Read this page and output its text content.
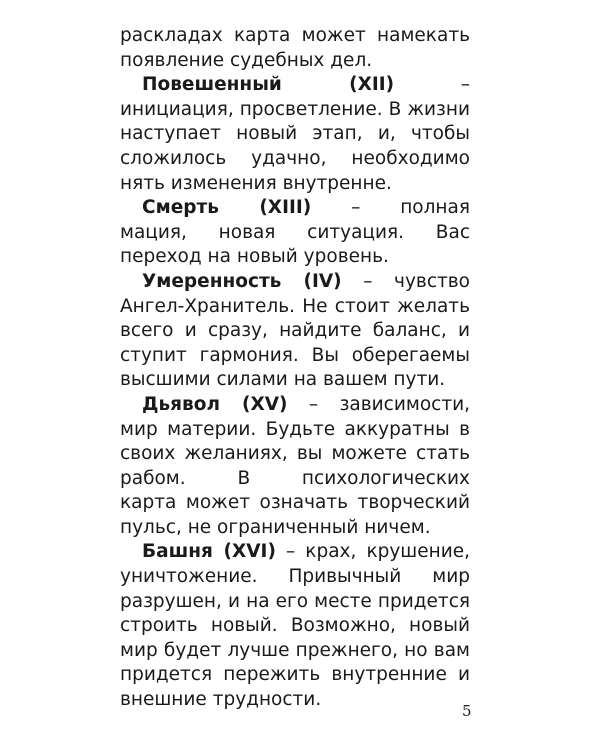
раскладах карта может намекать
появление судебных дел.
Повешенный (XII)	–
инициация, просветление. В жизни
наступает новый этап, и, чтобы
сложилось удачно, необходимо
нять изменения внутренне.
Смерть (XIII) – полная
мация, новая ситуация. Вас
переход на новый уровень.
Умеренность (IV) – чувство
Ангел-Хранитель. Не стоит желать
всего и сразу, найдите баланс, и
ступит гармония. Вы оберегаемы
высшими силами на вашем пути.
Дьявол (XV) – зависимости,
мир материи. Будьте аккуратны в
своих желаниях, вы можете стать
рабом. В психологических
карта может означать творческий
пульс, не ограниченный ничем.
Башня (XVI) – крах, крушение,
уничтожение. Привычный мир
разрушен, и на его месте придется
строить новый. Возможно, новый
мир будет лучше прежнего, но вам
придется пережить внутренние и
внешние трудности.
5
